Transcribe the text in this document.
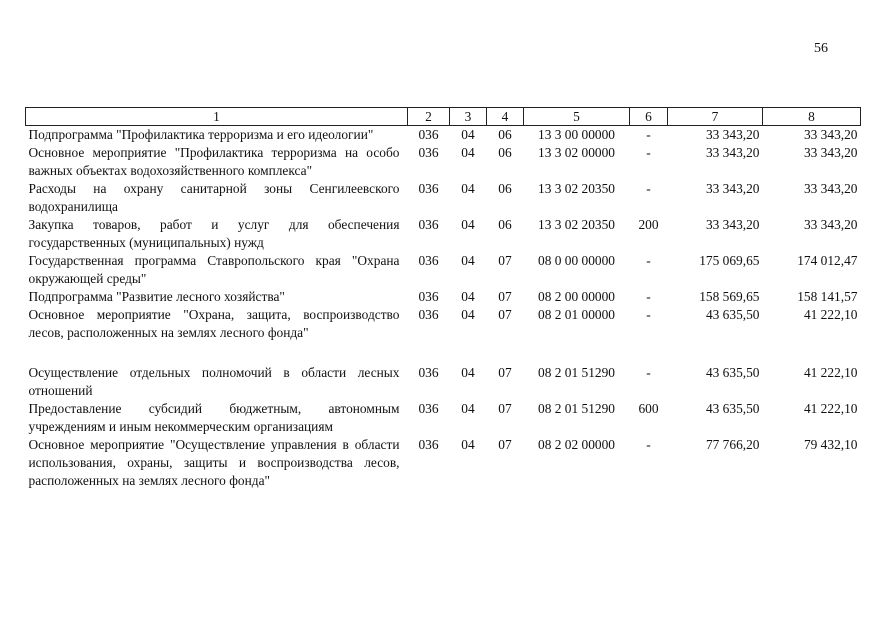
56
1	2	3	4	5	6	7	8
Подпрограмма "Профилактика терроризма и его идеологии"	036	04	06	13 3 00 00000	-	33 343,20	33 343,20
Основное мероприятие "Профилактика терроризма на особо важных объектах водохозяйственного комплекса"	036	04	06	13 3 02 00000	-	33 343,20	33 343,20
Расходы на охрану санитарной зоны Сенгилеевского водохранилища	036	04	06	13 3 02 20350	-	33 343,20	33 343,20
Закупка товаров, работ и услуг для обеспечения государственных (муниципальных) нужд	036	04	06	13 3 02 20350	200	33 343,20	33 343,20
Государственная программа Ставропольского края "Охрана окружающей среды"	036	04	07	08 0 00 00000	-	175 069,65	174 012,47
Подпрограмма "Развитие лесного хозяйства"	036	04	07	08 2 00 00000	-	158 569,65	158 141,57
Основное мероприятие "Охрана, защита, воспроизводство лесов, расположенных на землях лесного фонда"	036	04	07	08 2 01 00000	-	43 635,50	41 222,10

Осуществление отдельных полномочий в области лесных отношений	036	04	07	08 2 01 51290	-	43 635,50	41 222,10
Предоставление субсидий бюджетным, автономным учреждениям и иным некоммерческим организациям	036	04	07	08 2 01 51290	600	43 635,50	41 222,10
Основное мероприятие "Осуществление управления в области использования, охраны, защиты и воспроизводства лесов, расположенных на землях лесного фонда"	036	04	07	08 2 02 00000	-	77 766,20	79 432,10
